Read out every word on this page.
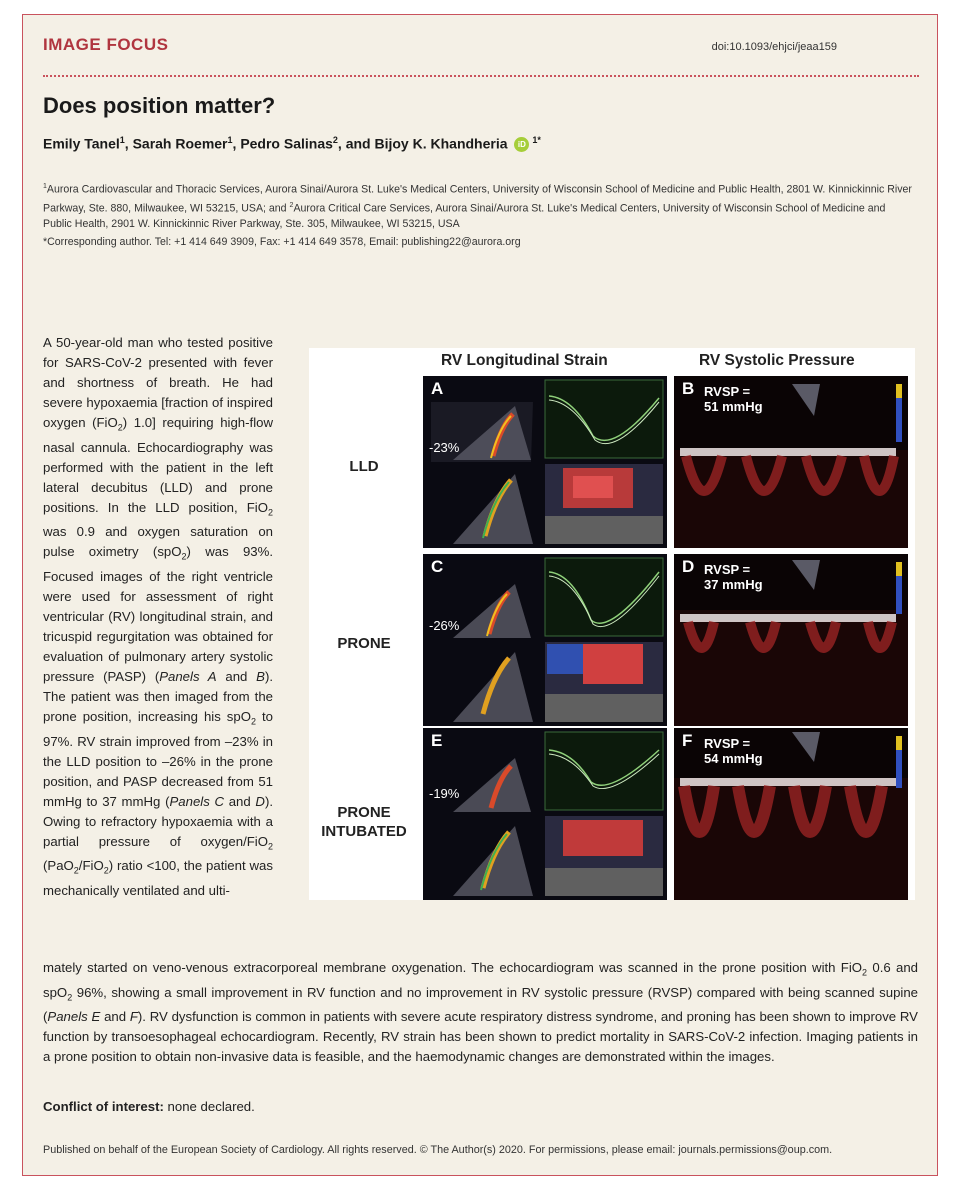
IMAGE FOCUS	doi:10.1093/ehjci/jeaa159
Does position matter?
Emily Tanel$^1$, Sarah Roemer$^1$, Pedro Salinas$^2$, and Bijoy K. Khandheria iD $^{1*}$
$^1$Aurora Cardiovascular and Thoracic Services, Aurora Sinai/Aurora St. Luke's Medical Centers, University of Wisconsin School of Medicine and Public Health, 2801 W. Kinnickinnic River Parkway, Ste. 880, Milwaukee, WI 53215, USA; and $^2$Aurora Critical Care Services, Aurora Sinai/Aurora St. Luke's Medical Centers, University of Wisconsin School of Medicine and Public Health, 2901 W. Kinnickinnic River Parkway, Ste. 305, Milwaukee, WI 53215, USA
*Corresponding author. Tel: +1 414 649 3909, Fax: +1 414 649 3578, Email: publishing22@aurora.org

A 50-year-old man who tested positive for SARS-CoV-2 presented with fever and shortness of breath. He had severe hypoxaemia [fraction of inspired oxygen (FiO$_2$) 1.0] requiring high-flow nasal cannula. Echocardiography was performed with the patient in the left lateral decubitus (LLD) and prone positions. In the LLD position, FiO$_2$ was 0.9 and oxygen saturation on pulse oximetry (spO$_2$) was 93%. Focused images of the right ventricle were used for assessment of right ventricular (RV) longitudinal strain, and tricuspid regurgitation was obtained for evaluation of pulmonary artery systolic pressure (PASP) (Panels A and B). The patient was then imaged from the prone position, increasing his spO$_2$ to 97%. RV strain improved from –23% in the LLD position to –26% in the prone position, and PASP decreased from 51 mmHg to 37 mmHg (Panels C and D). Owing to refractory hypoxaemia with a partial pressure of oxygen/FiO$_2$ (PaO$_2$/FiO$_2$) ratio <100, the patient was mechanically ventilated and ulti-

RV Longitudinal Strain	RV Systolic Pressure
LLD
PRONE
PRONE
INTUBATED
A
-23%
B RVSP =
51 mmHg
C
-26%
D RVSP =
37 mmHg
E
-19%
F RVSP =
54 mmHg

mately started on veno-venous extracorporeal membrane oxygenation. The echocardiogram was scanned in the prone position with FiO$_2$ 0.6 and spO$_2$ 96%, showing a small improvement in RV function and no improvement in RV systolic pressure (RVSP) compared with being scanned supine (Panels E and F). RV dysfunction is common in patients with severe acute respiratory distress syndrome, and proning has been shown to improve RV function by transoesophageal echocardiogram. Recently, RV strain has been shown to predict mortality in SARS-CoV-2 infection. Imaging patients in a prone position to obtain non-invasive data is feasible, and the haemodynamic changes are demonstrated within the images.

Conflict of interest: none declared.
Published on behalf of the European Society of Cardiology. All rights reserved. © The Author(s) 2020. For permissions, please email: journals.permissions@oup.com.
